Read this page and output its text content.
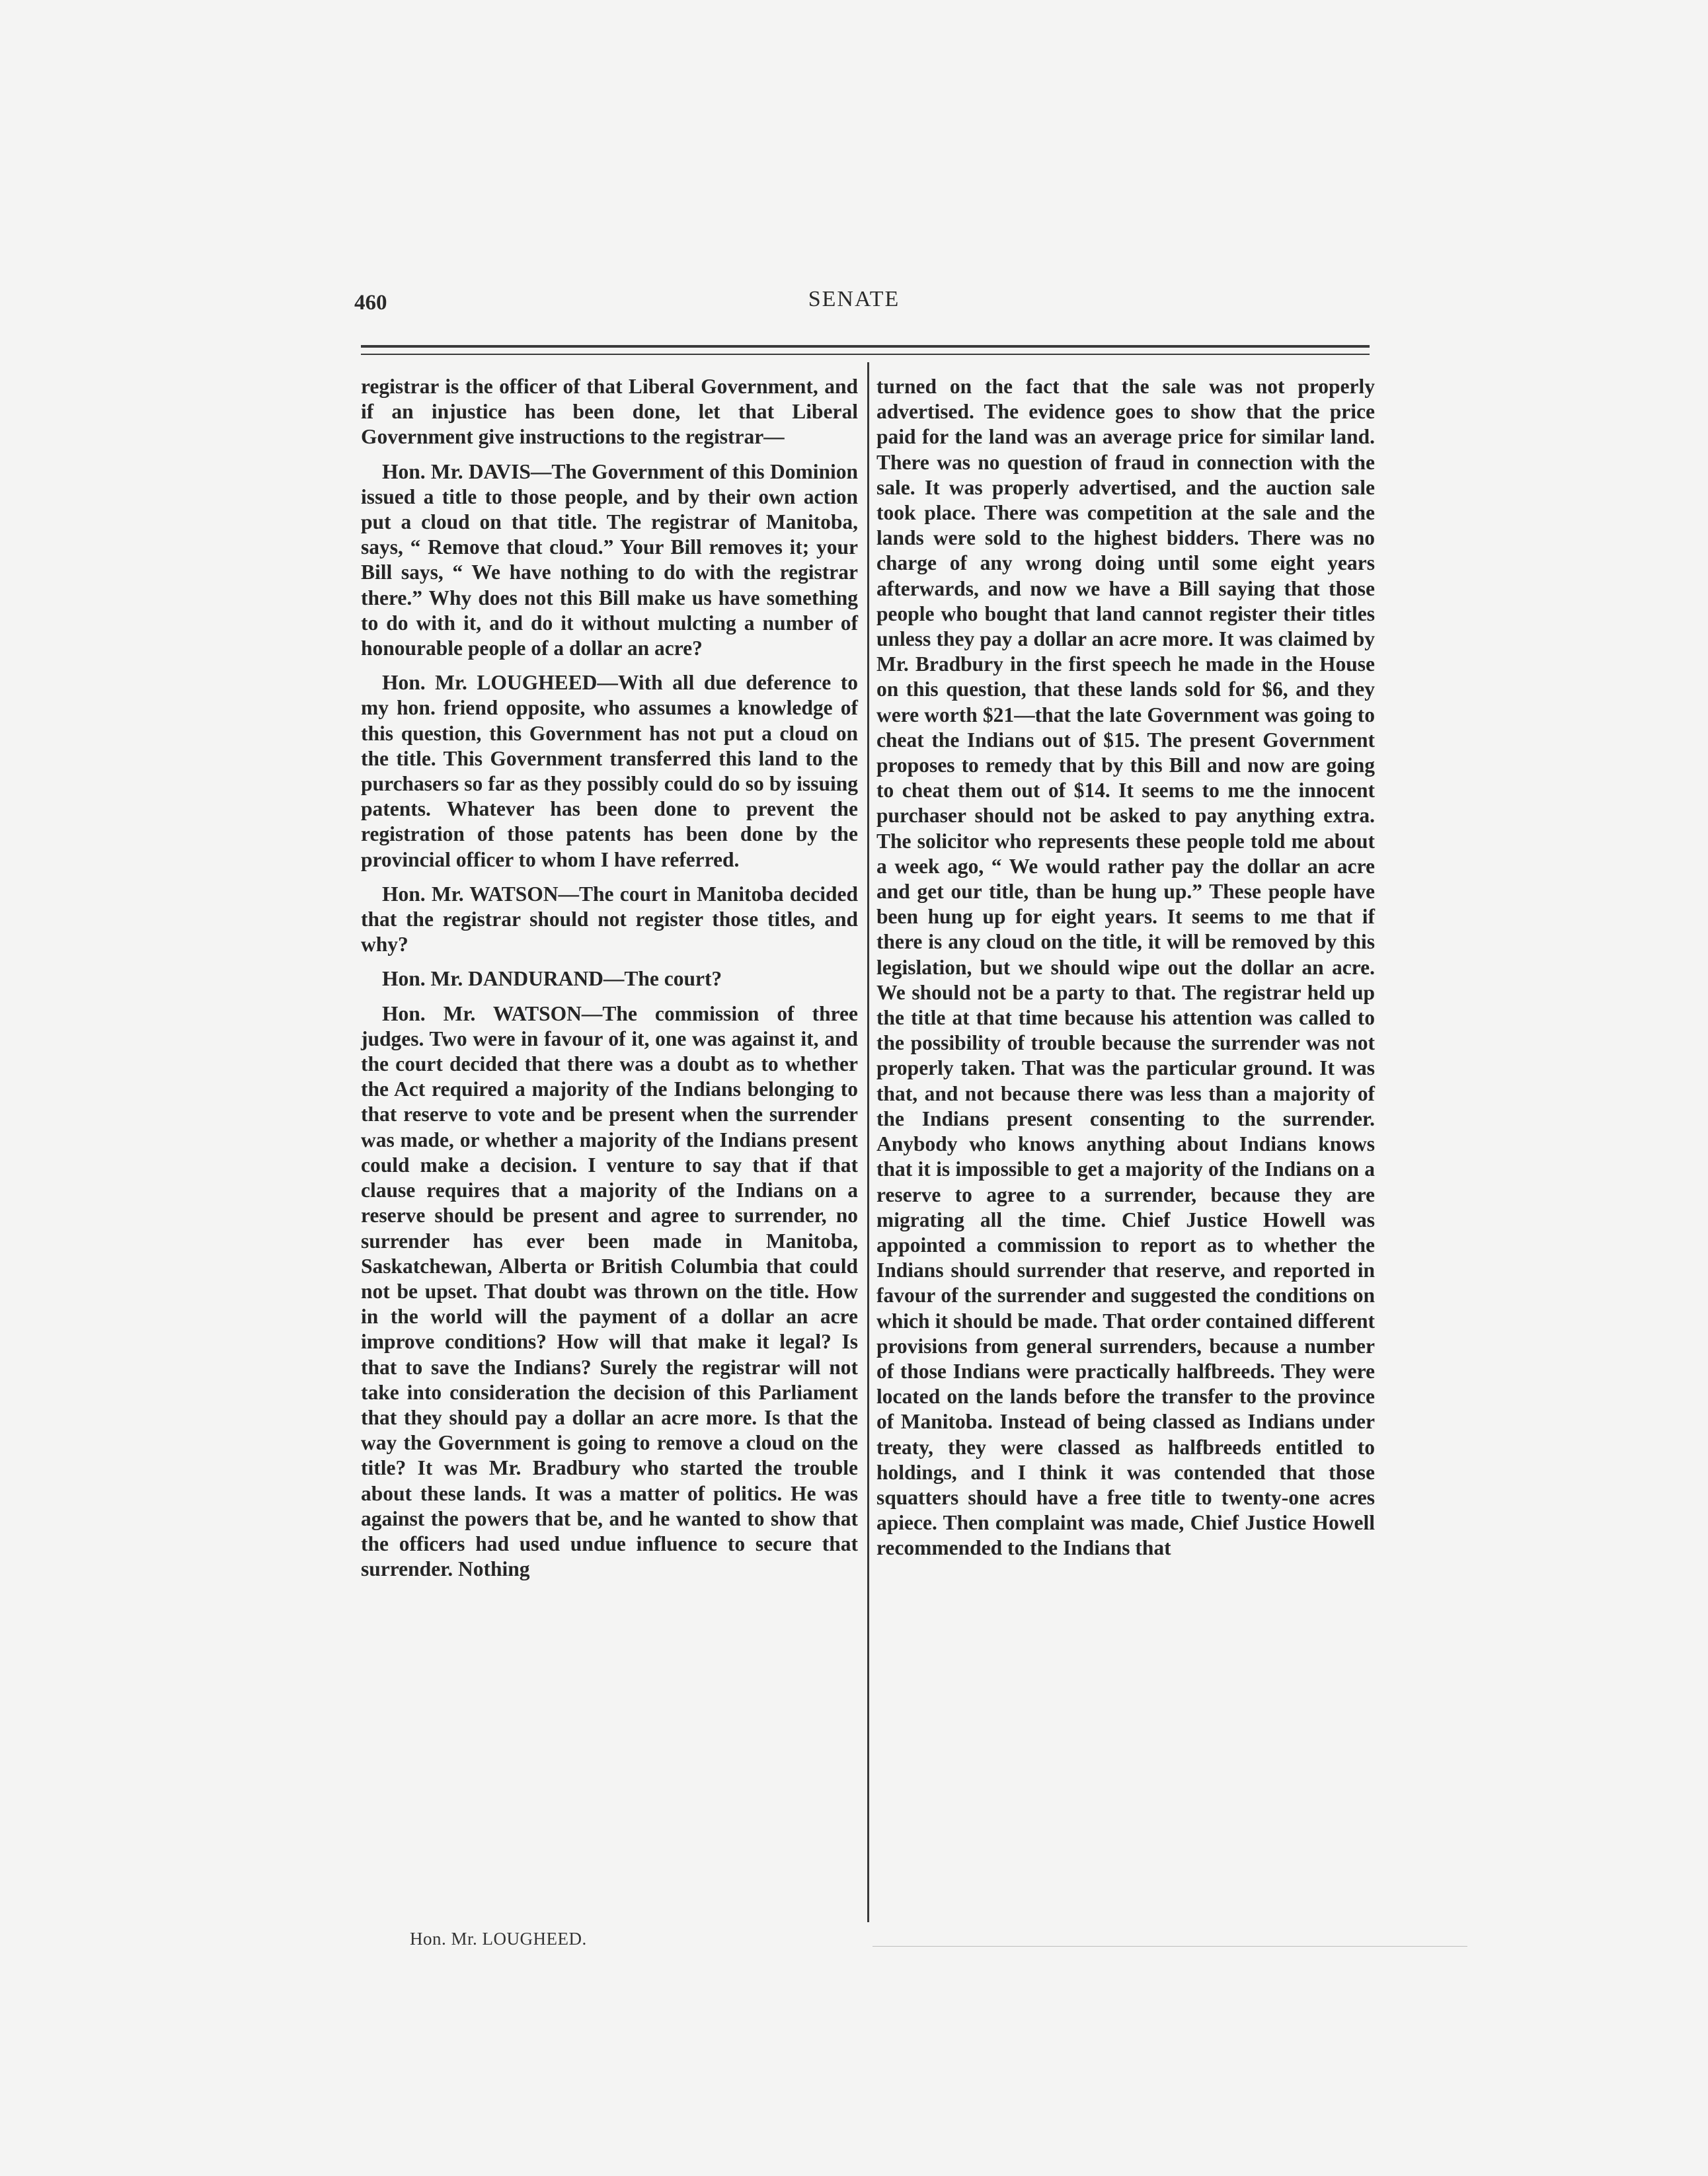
460	SENATE

registrar is the officer of that Liberal Government, and if an injustice has been done, let that Liberal Government give instructions to the registrar—

Hon. Mr. DAVIS—The Government of this Dominion issued a title to those people, and by their own action put a cloud on that title. The registrar of Manitoba, says, “ Remove that cloud.” Your Bill removes it; your Bill says, “ We have nothing to do with the registrar there.” Why does not this Bill make us have something to do with it, and do it without mulcting a number of honourable people of a dollar an acre?

Hon. Mr. LOUGHEED—With all due deference to my hon. friend opposite, who assumes a knowledge of this question, this Government has not put a cloud on the title. This Government transferred this land to the purchasers so far as they possibly could do so by issuing patents. Whatever has been done to prevent the registration of those patents has been done by the provincial officer to whom I have referred.

Hon. Mr. WATSON—The court in Manitoba decided that the registrar should not register those titles, and why?

Hon. Mr. DANDURAND—The court?

Hon. Mr. WATSON—The commission of three judges. Two were in favour of it, one was against it, and the court decided that there was a doubt as to whether the Act required a majority of the Indians belonging to that reserve to vote and be present when the surrender was made, or whether a majority of the Indians present could make a decision. I venture to say that if that clause requires that a majority of the Indians on a reserve should be present and agree to surrender, no surrender has ever been made in Manitoba, Saskatchewan, Alberta or British Columbia that could not be upset. That doubt was thrown on the title. How in the world will the payment of a dollar an acre improve conditions? How will that make it legal? Is that to save the Indians? Surely the registrar will not take into consideration the decision of this Parliament that they should pay a dollar an acre more. Is that the way the Government is going to remove a cloud on the title? It was Mr. Bradbury who started the trouble about these lands. It was a matter of politics. He was against the powers that be, and he wanted to show that the officers had used undue influence to secure that surrender. Nothing

turned on the fact that the sale was not properly advertised. The evidence goes to show that the price paid for the land was an average price for similar land. There was no question of fraud in connection with the sale. It was properly advertised, and the auction sale took place. There was competition at the sale and the lands were sold to the highest bidders. There was no charge of any wrong doing until some eight years afterwards, and now we have a Bill saying that those people who bought that land cannot register their titles unless they pay a dollar an acre more. It was claimed by Mr. Bradbury in the first speech he made in the House on this question, that these lands sold for $6, and they were worth $21—that the late Government was going to cheat the Indians out of $15. The present Government proposes to remedy that by this Bill and now are going to cheat them out of $14. It seems to me the innocent purchaser should not be asked to pay anything extra. The solicitor who represents these people told me about a week ago, “ We would rather pay the dollar an acre and get our title, than be hung up.” These people have been hung up for eight years. It seems to me that if there is any cloud on the title, it will be removed by this legislation, but we should wipe out the dollar an acre. We should not be a party to that. The registrar held up the title at that time because his attention was called to the possibility of trouble because the surrender was not properly taken. That was the particular ground. It was that, and not because there was less than a majority of the Indians present consenting to the surrender. Anybody who knows anything about Indians knows that it is impossible to get a majority of the Indians on a reserve to agree to a surrender, because they are migrating all the time. Chief Justice Howell was appointed a commission to report as to whether the Indians should surrender that reserve, and reported in favour of the surrender and suggested the conditions on which it should be made. That order contained different provisions from general surrenders, because a number of those Indians were practically halfbreeds. They were located on the lands before the transfer to the province of Manitoba. Instead of being classed as Indians under treaty, they were classed as halfbreeds entitled to holdings, and I think it was contended that those squatters should have a free title to twenty-one acres apiece. Then complaint was made, Chief Justice Howell recommended to the Indians that

Hon. Mr. LOUGHEED.
